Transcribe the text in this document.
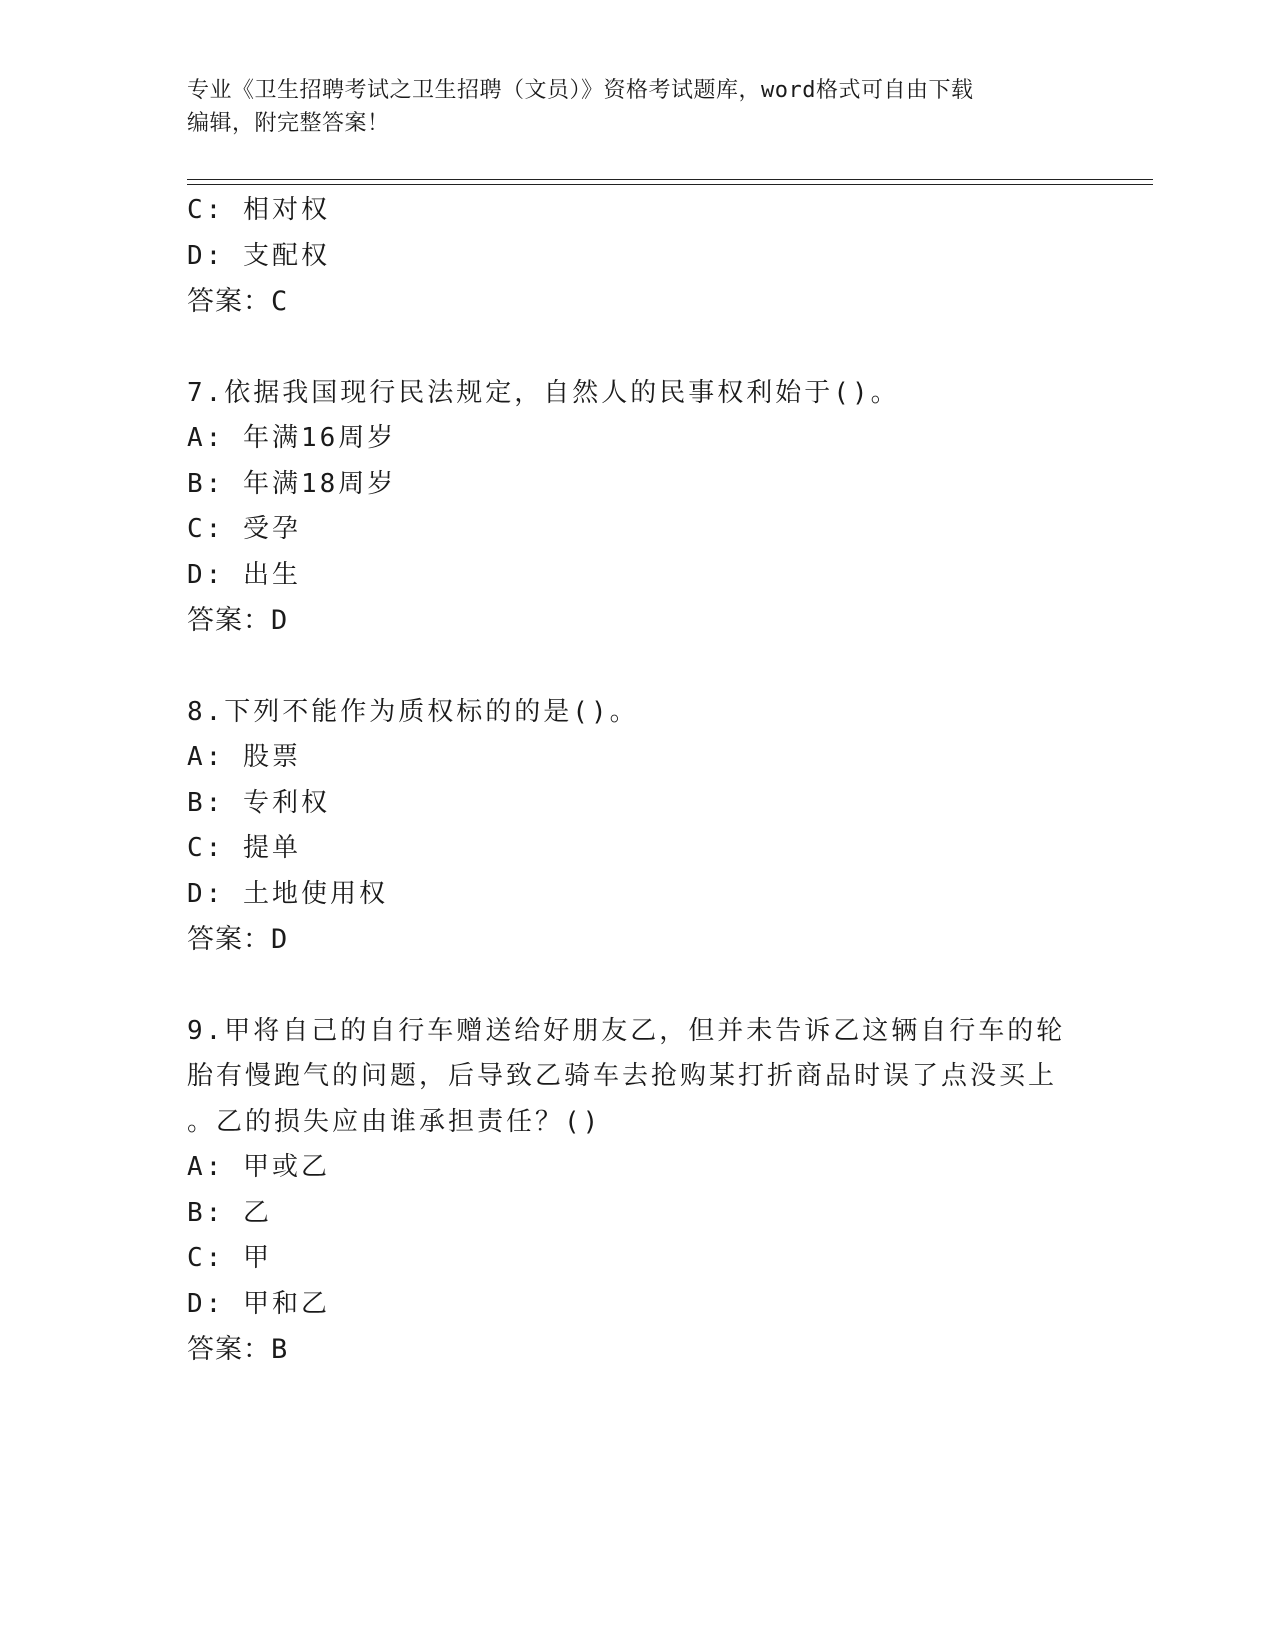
专业《卫生招聘考试之卫生招聘（文员）》资格考试题库，word格式可自由下载
编辑，附完整答案！
C: 相对权
D: 支配权
答案：C
7.依据我国现行民法规定，自然人的民事权利始于()。
A: 年满16周岁
B: 年满18周岁
C: 受孕
D: 出生
答案：D
8.下列不能作为质权标的的是()。
A: 股票
B: 专利权
C: 提单
D: 土地使用权
答案：D
9.甲将自己的自行车赠送给好朋友乙，但并未告诉乙这辆自行车的轮
胎有慢跑气的问题，后导致乙骑车去抢购某打折商品时误了点没买上
。乙的损失应由谁承担责任？()
A: 甲或乙
B: 乙
C: 甲
D: 甲和乙
答案：B
